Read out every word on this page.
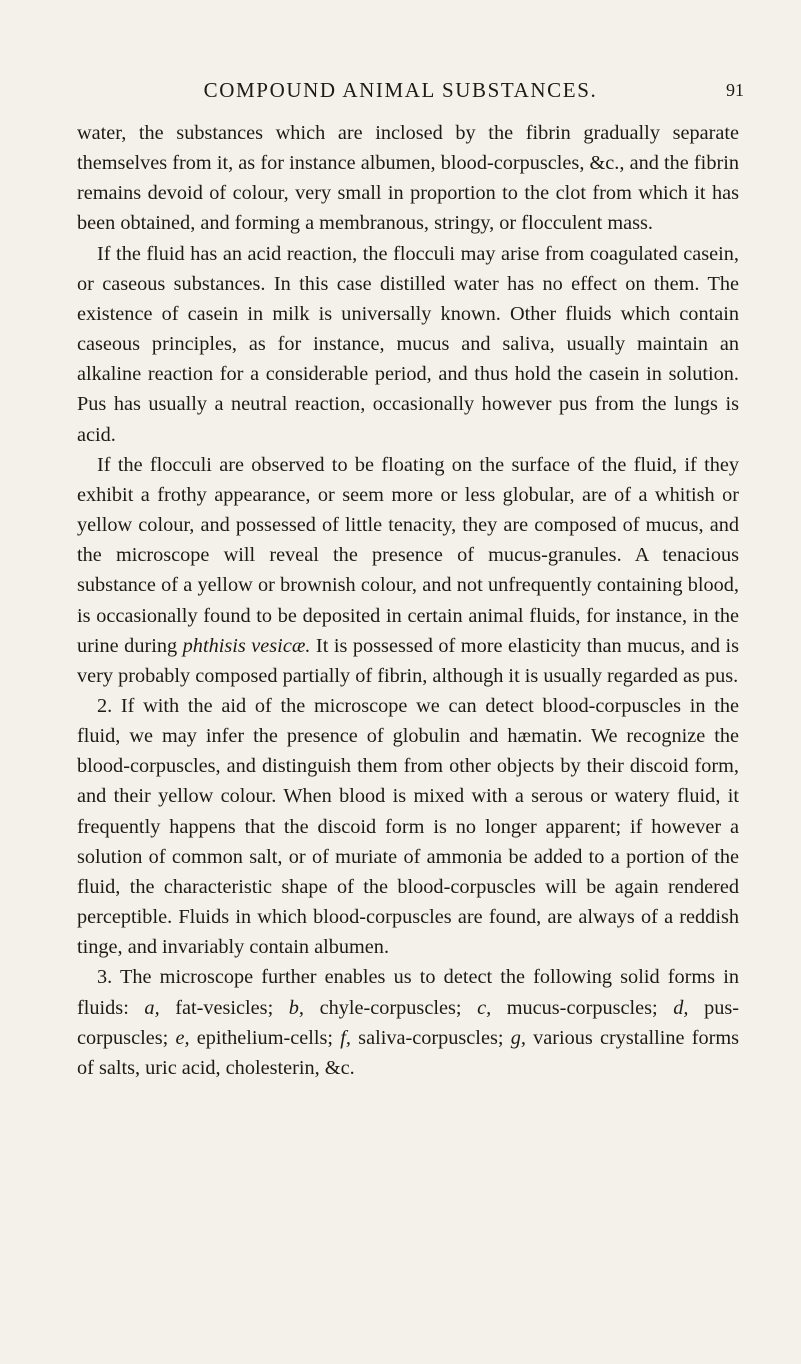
COMPOUND ANIMAL SUBSTANCES.	91

water, the substances which are inclosed by the fibrin gradually separate themselves from it, as for instance albumen, blood-corpuscles, &c., and the fibrin remains devoid of colour, very small in proportion to the clot from which it has been obtained, and forming a membranous, stringy, or flocculent mass.

If the fluid has an acid reaction, the flocculi may arise from coagulated casein, or caseous substances. In this case distilled water has no effect on them. The existence of casein in milk is universally known. Other fluids which contain caseous principles, as for instance, mucus and saliva, usually maintain an alkaline reaction for a considerable period, and thus hold the casein in solution. Pus has usually a neutral reaction, occasionally however pus from the lungs is acid.

If the flocculi are observed to be floating on the surface of the fluid, if they exhibit a frothy appearance, or seem more or less globular, are of a whitish or yellow colour, and possessed of little tenacity, they are composed of mucus, and the microscope will reveal the presence of mucus-granules. A tenacious substance of a yellow or brownish colour, and not unfrequently containing blood, is occasionally found to be deposited in certain animal fluids, for instance, in the urine during phthisis vesicæ. It is possessed of more elasticity than mucus, and is very probably composed partially of fibrin, although it is usually regarded as pus.

2. If with the aid of the microscope we can detect blood-corpuscles in the fluid, we may infer the presence of globulin and hæmatin. We recognize the blood-corpuscles, and distinguish them from other objects by their discoid form, and their yellow colour. When blood is mixed with a serous or watery fluid, it frequently happens that the discoid form is no longer apparent; if however a solution of common salt, or of muriate of ammonia be added to a portion of the fluid, the characteristic shape of the blood-corpuscles will be again rendered perceptible. Fluids in which blood-corpuscles are found, are always of a reddish tinge, and invariably contain albumen.

3. The microscope further enables us to detect the following solid forms in fluids: a, fat-vesicles; b, chyle-corpuscles; c, mucus-corpuscles; d, pus-corpuscles; e, epithelium-cells; f, saliva-corpuscles; g, various crystalline forms of salts, uric acid, cholesterin, &c.
